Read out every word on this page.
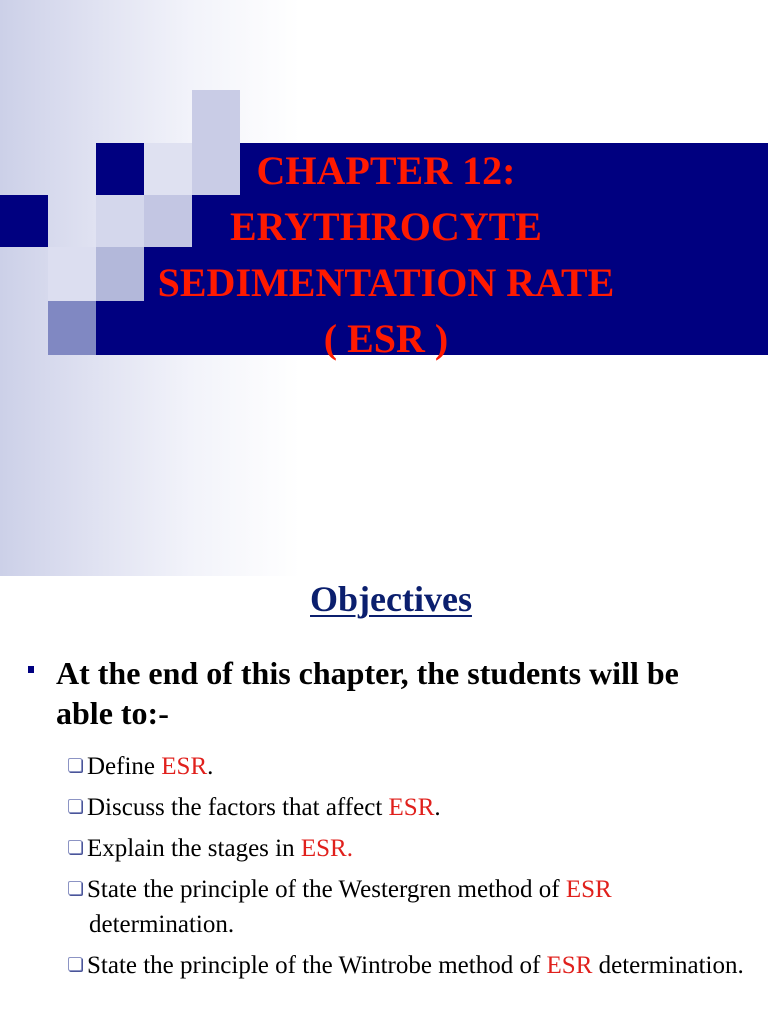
CHAPTER 12:
ERYTHROCYTE
SEDIMENTATION RATE
( ESR )
Objectives

At the end of this chapter, the students will be able to:-

Define ESR.
Discuss the factors that affect ESR.
Explain the stages in ESR.
State the principle of the Westergren method of ESR determination.
State the principle of the Wintrobe method of ESR determination.
